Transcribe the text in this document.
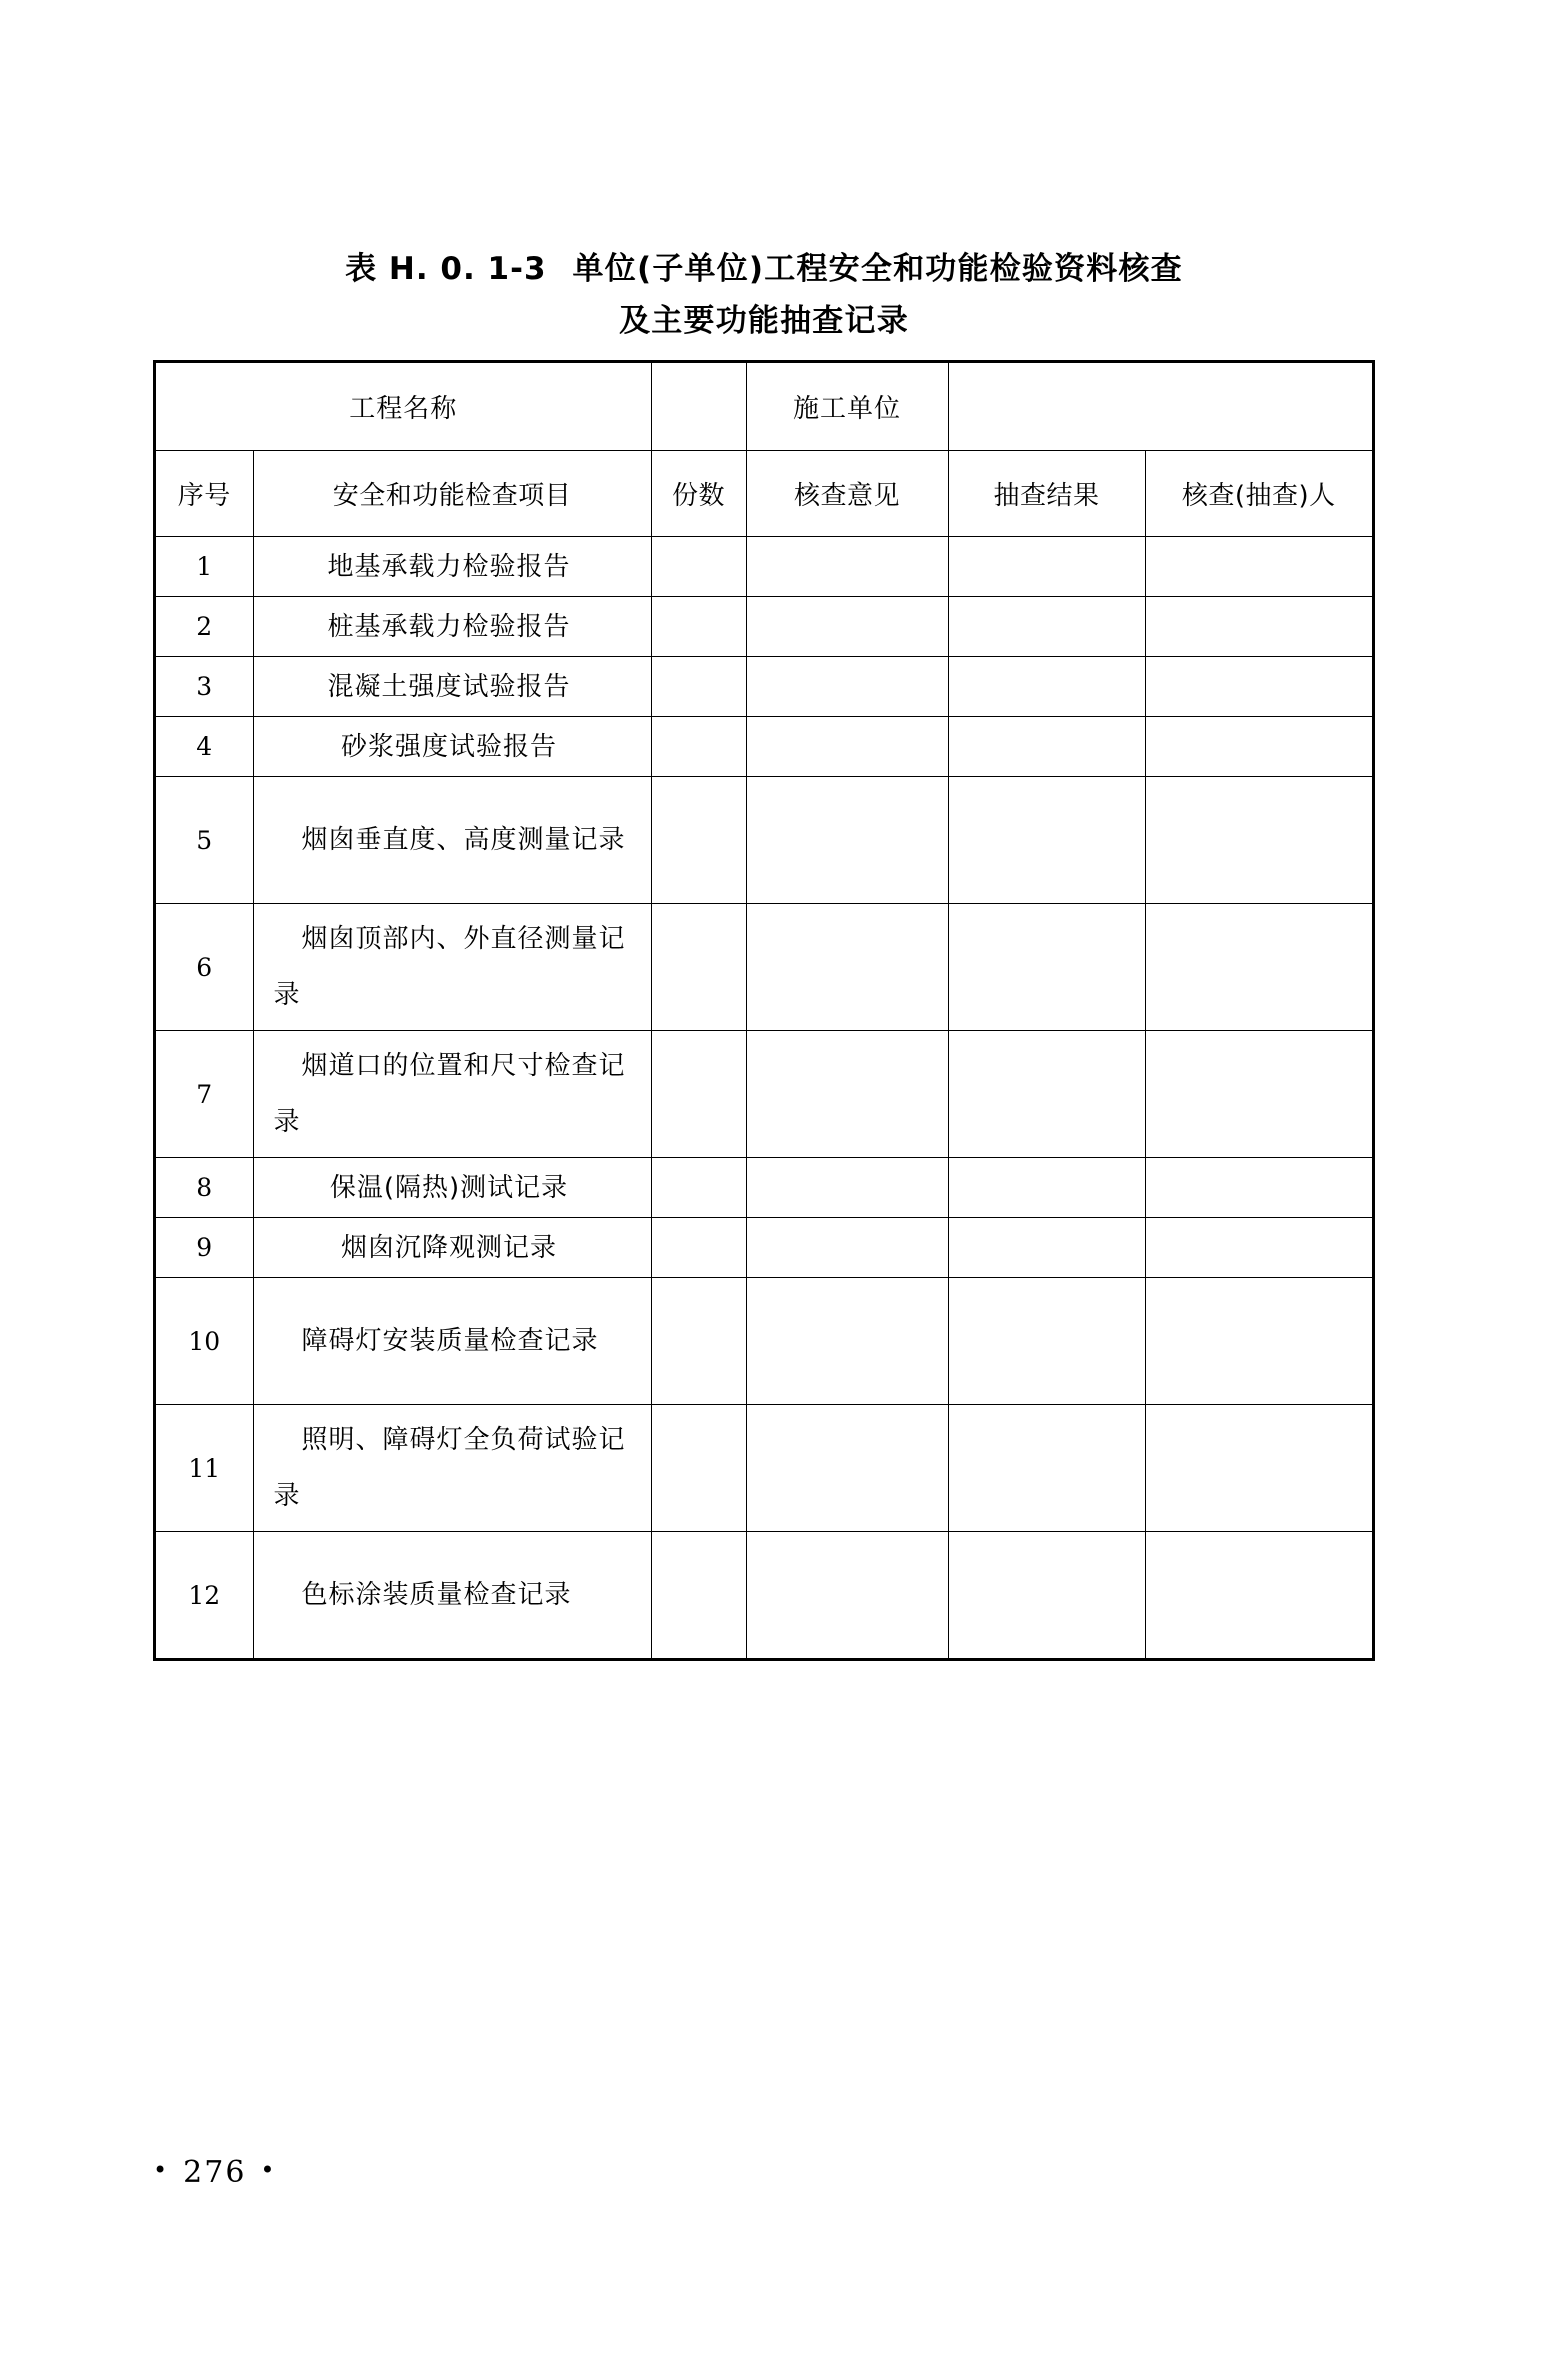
表 H. 0. 1-3 单位(子单位)工程安全和功能检验资料核查
及主要功能抽查记录
工程名称			施工单位		
序号	安全和功能检查项目	份数	核查意见	抽查结果	核查(抽查)人
1	地基承载力检验报告				
2	桩基承载力检验报告				
3	混凝土强度试验报告				
4	砂浆强度试验报告				
5	烟囱垂直度、高度测量记录				
6	烟囱顶部内、外直径测量记录				
7	烟道口的位置和尺寸检查记录				
8	保温(隔热)测试记录				
9	烟囱沉降观测记录				
10	障碍灯安装质量检查记录				
11	照明、障碍灯全负荷试验记录				
12	色标涂装质量检查记录				
• 276 •
